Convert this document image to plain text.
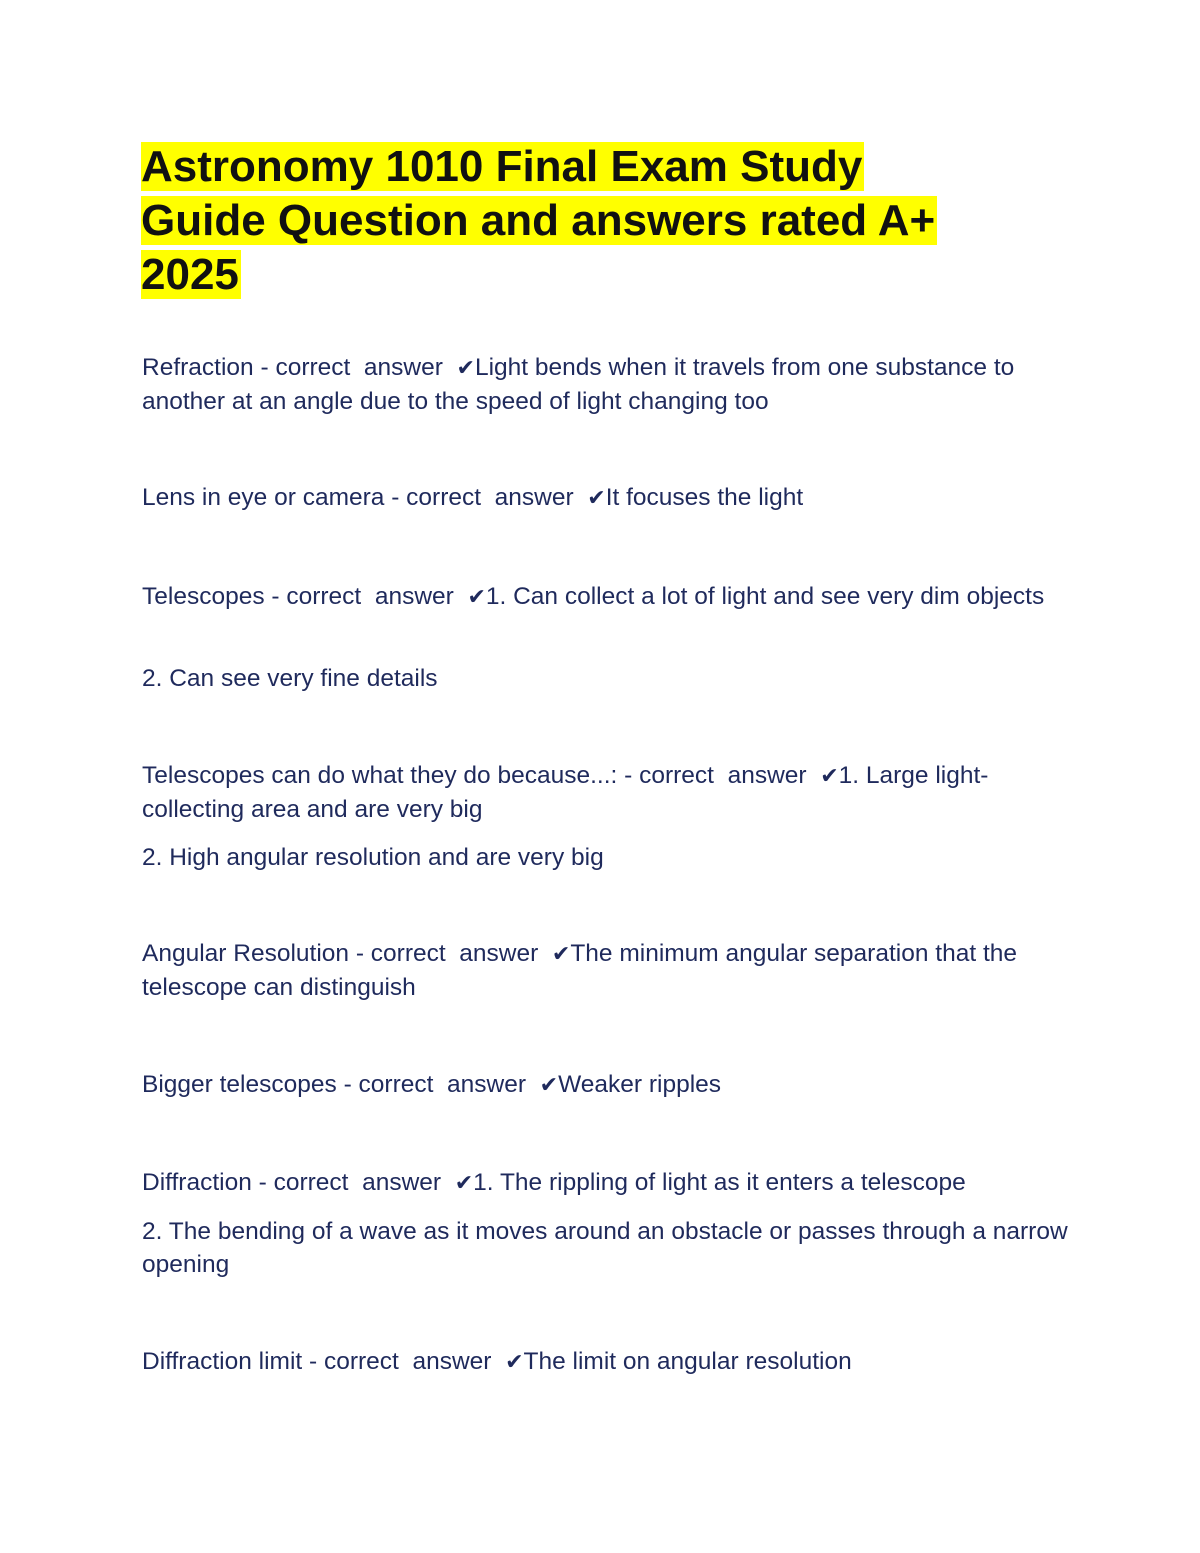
Astronomy 1010 Final Exam Study
Guide Question and answers rated A+
2025

Refraction - correct  answer  ✔Light bends when it travels from one substance to another at an angle due to the speed of light changing too

Lens in eye or camera - correct  answer  ✔It focuses the light

Telescopes - correct  answer  ✔1. Can collect a lot of light and see very dim objects

2. Can see very fine details

Telescopes can do what they do because...: - correct  answer  ✔1. Large light-collecting area and are very big

2. High angular resolution and are very big

Angular Resolution - correct  answer  ✔The minimum angular separation that the telescope can distinguish

Bigger telescopes - correct  answer  ✔Weaker ripples

Diffraction - correct  answer  ✔1. The rippling of light as it enters a telescope

2. The bending of a wave as it moves around an obstacle or passes through a narrow opening

Diffraction limit - correct  answer  ✔The limit on angular resolution
